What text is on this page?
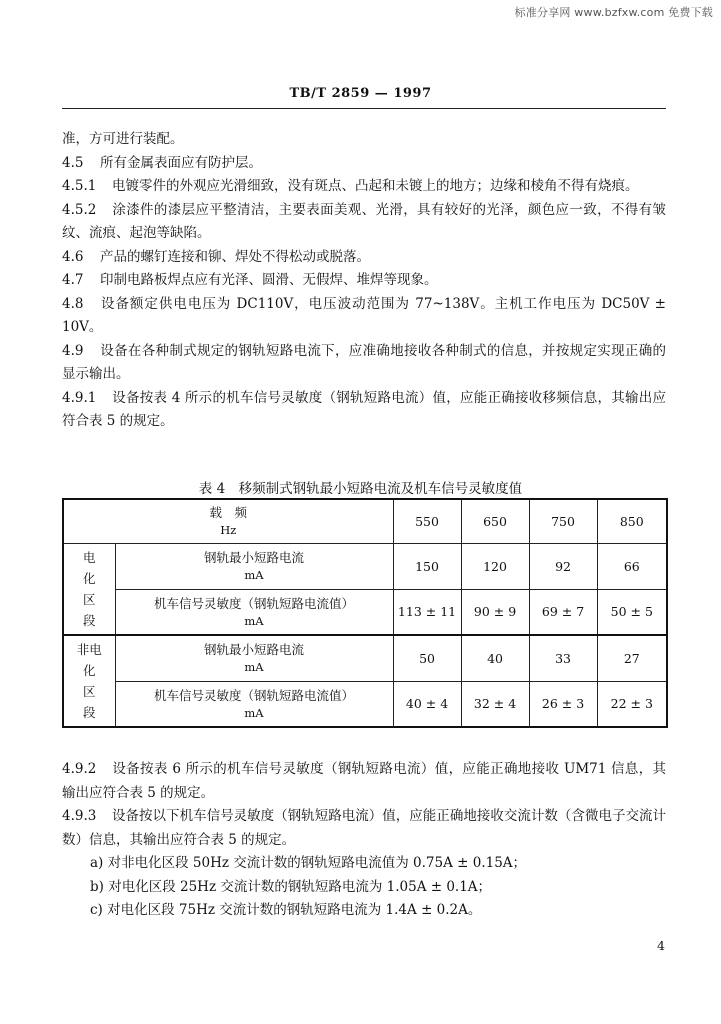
标准分享网 www.bzfxw.com 免费下载
TB/T 2859 — 1997

准，方可进行装配。

4.5 所有金属表面应有防护层。

4.5.1 电镀零件的外观应光滑细致，没有斑点、凸起和未镀上的地方；边缘和棱角不得有烧痕。

4.5.2 涂漆件的漆层应平整清洁，主要表面美观、光滑，具有较好的光泽，颜色应一致，不得有皱纹、流痕、起泡等缺陷。

4.6 产品的螺钉连接和铆、焊处不得松动或脱落。

4.7 印制电路板焊点应有光泽、圆滑、无假焊、堆焊等现象。

4.8 设备额定供电电压为 DC110V，电压波动范围为 77~138V。主机工作电压为 DC50V ± 10V。

4.9 设备在各种制式规定的钢轨短路电流下，应准确地接收各种制式的信息，并按规定实现正确的显示输出。

4.9.1 设备按表 4 所示的机车信号灵敏度（钢轨短路电流）值，应能正确接收移频信息，其输出应符合表 5 的规定。

表 4　移频制式钢轨最小短路电流及机车信号灵敏度值
载　频
Hz		550	650	750	850

电
化
区
段	钢轨最小短路电流
mA	150	120	92	66

	机车信号灵敏度（钢轨短路电流值）
mA	113 ± 11	90 ± 9	69 ± 7	50 ± 5

非电
化
区
段	钢轨最小短路电流
mA	50	40	33	27

	机车信号灵敏度（钢轨短路电流值）
mA	40 ± 4	32 ± 4	26 ± 3	22 ± 3

4.9.2 设备按表 6 所示的机车信号灵敏度（钢轨短路电流）值，应能正确地接收 UM71 信息，其输出应符合表 5 的规定。

4.9.3 设备按以下机车信号灵敏度（钢轨短路电流）值，应能正确地接收交流计数（含微电子交流计数）信息，其输出应符合表 5 的规定。

a) 对非电化区段 50Hz 交流计数的钢轨短路电流值为 0.75A ± 0.15A；

b) 对电化区段 25Hz 交流计数的钢轨短路电流为 1.05A ± 0.1A；

c) 对电化区段 75Hz 交流计数的钢轨短路电流为 1.4A ± 0.2A。

4
